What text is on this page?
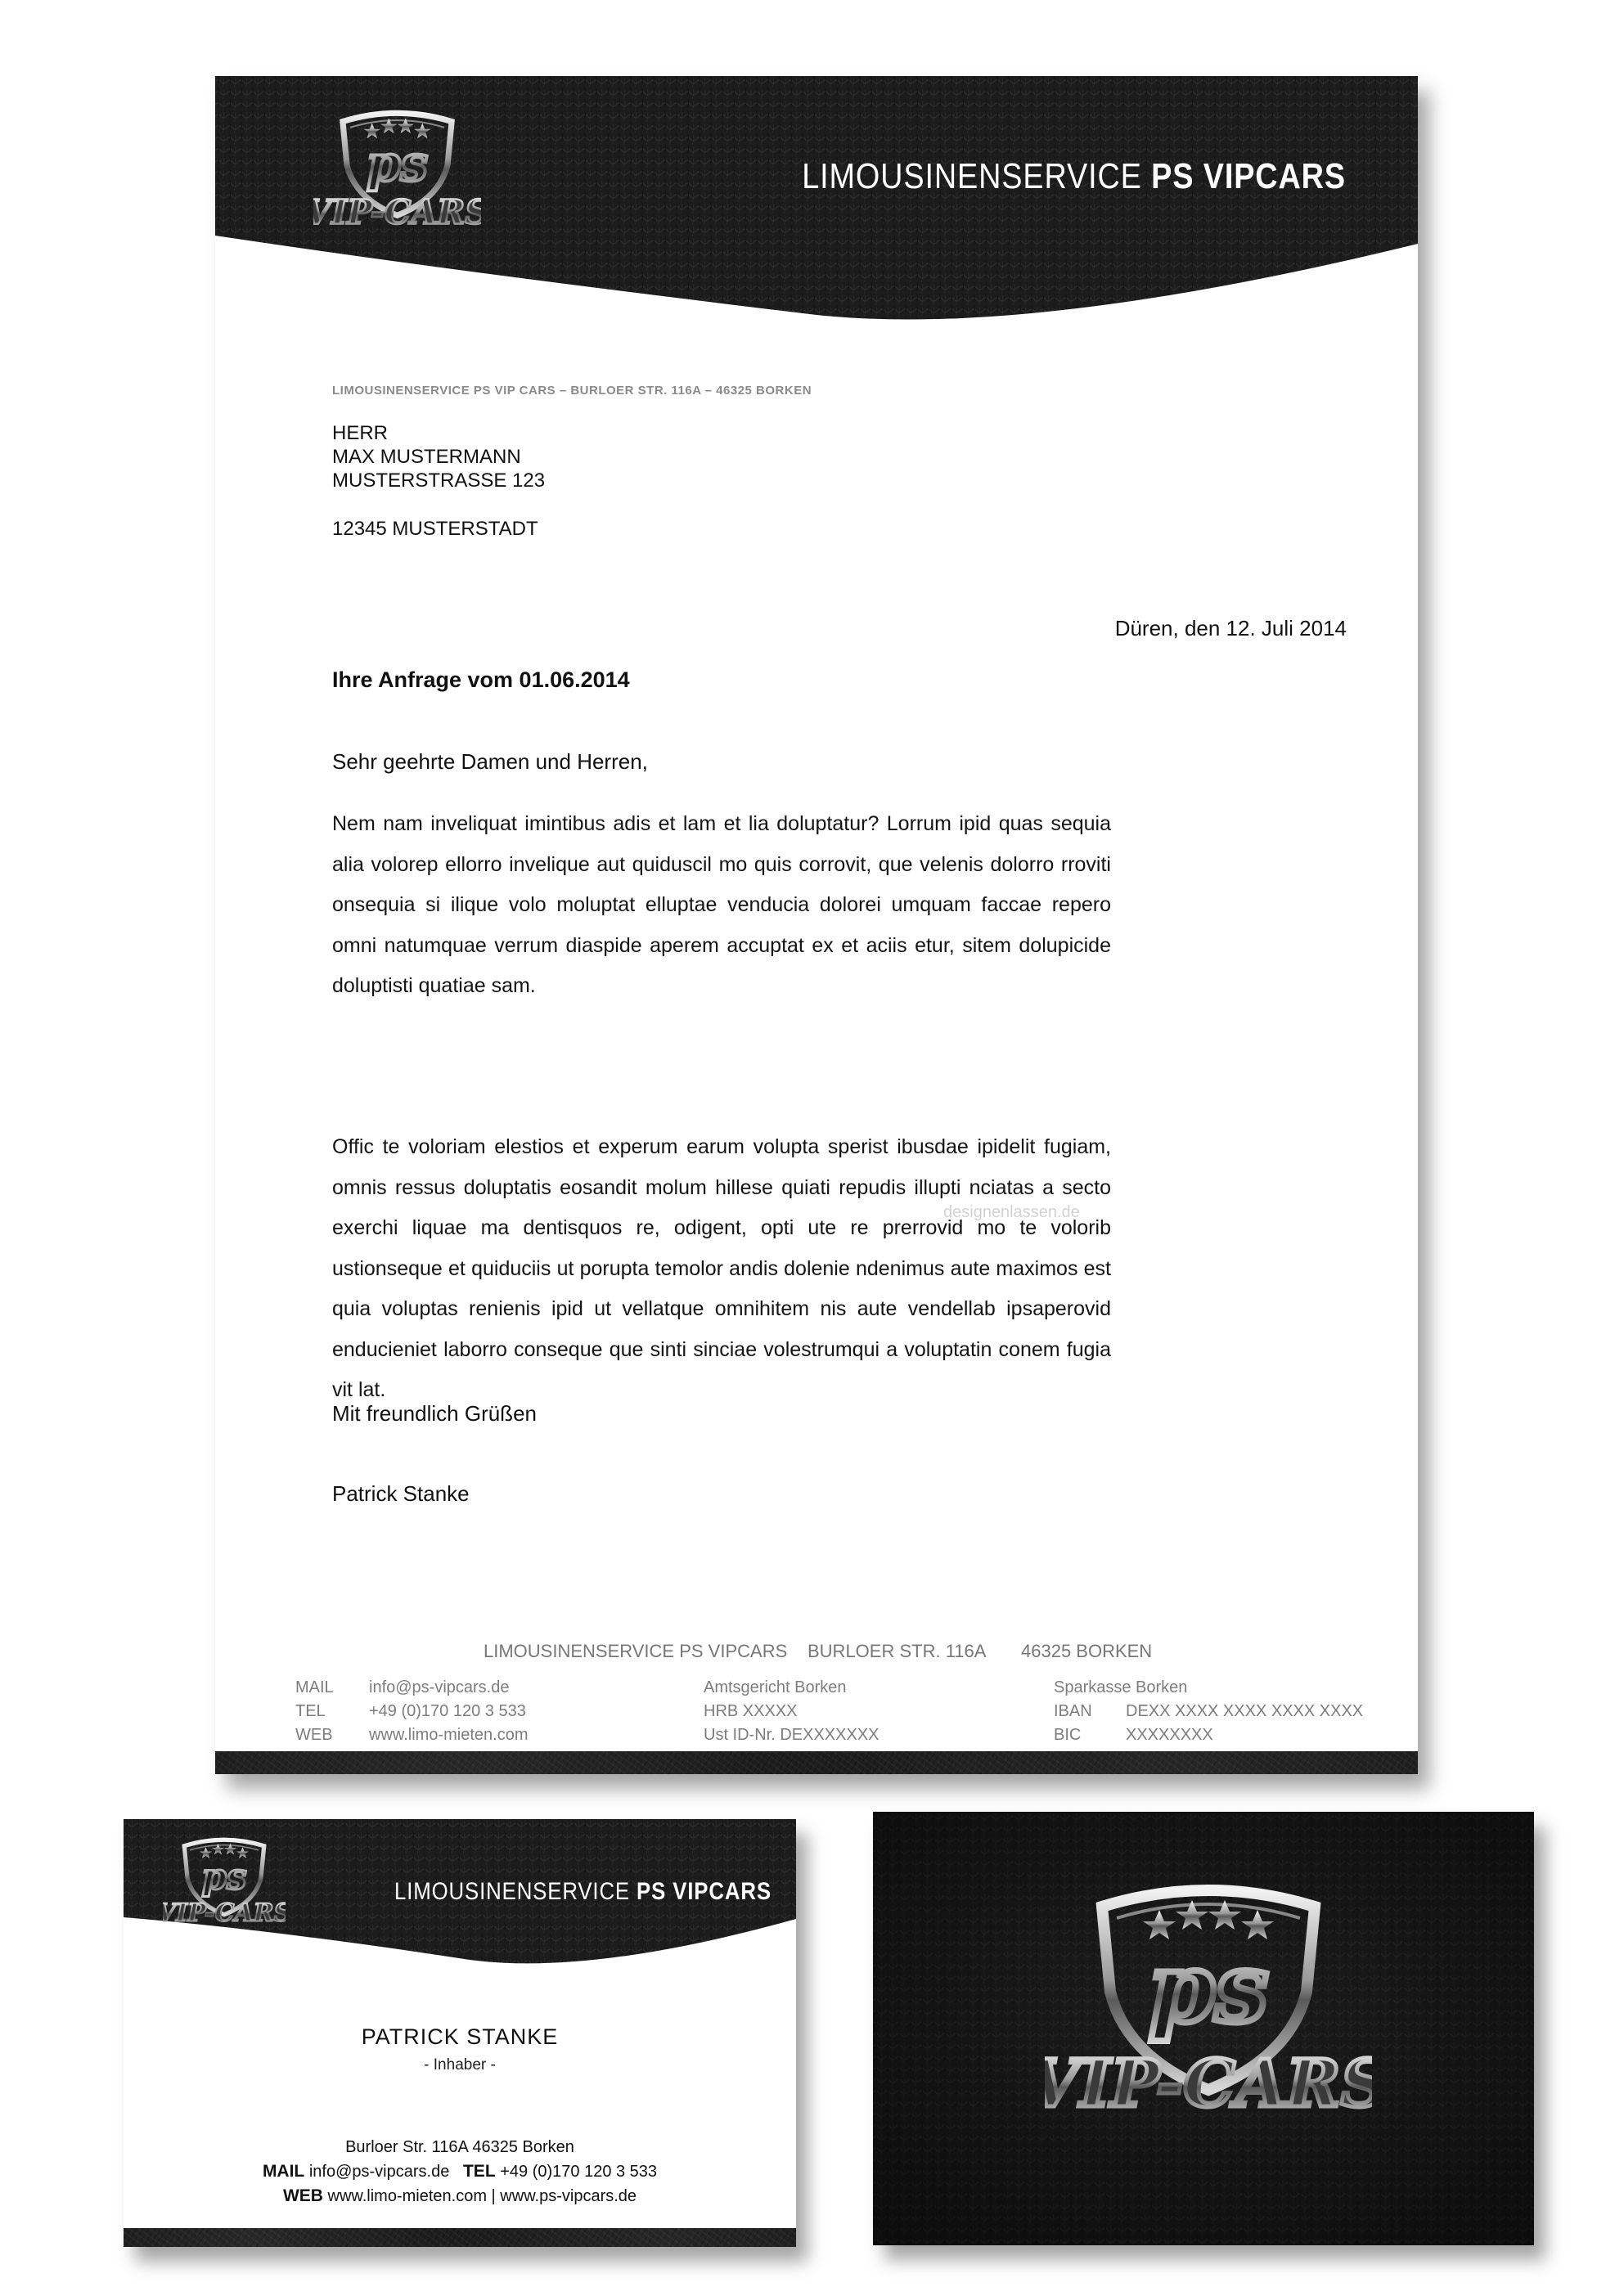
LIMOUSINENSERVICE PS VIPCARS
LIMOUSINENSERVICE PS VIP CARS – BURLOER STR. 116A – 46325 BORKEN
HERR
MAX MUSTERMANN
MUSTERSTRASSE 123
12345 MUSTERSTADT
Düren, den 12. Juli 2014
Ihre Anfrage vom 01.06.2014
Sehr geehrte Damen und Herren,
Nem nam inveliquat imintibus adis et lam et lia doluptatur? Lorrum ipid quas sequia alia volorep ellorro invelique aut quiduscil mo quis corrovit, que velenis dolorro rroviti onsequia si ilique volo moluptat elluptae venducia dolorei umquam faccae repero omni natumquae verrum diaspide aperem accuptat ex et aciis etur, sitem dolupicide doluptisti quatiae sam.
designenlassen.de
Offic te voloriam elestios et experum earum volupta sperist ibusdae ipidelit fugiam, omnis ressus doluptatis eosandit molum hillese quiati repudis illupti nciatas a secto exerchi liquae ma dentisquos re, odigent, opti ute re prerrovid mo te volorib ustionseque et quiduciis ut porupta temolor andis dolenie ndenimus aute maximos est quia voluptas renienis ipid ut vellatque omnihitem nis aute vendellab ipsaperovid enducieniet laborro conseque que sinti sinciae volestrumqui a voluptatin conem fugia vit lat.
Mit freundlich Grüßen
Patrick Stanke
LIMOUSINENSERVICE PS VIPCARS BURLOER STR. 116A 46325 BORKEN
MAIL info@ps-vipcars.de
TEL	+49 (0)170 120 3 533
WEB www.limo-mieten.com
Amtsgericht Borken
HRB XXXXX
Ust ID-Nr. DEXXXXXXX
Sparkasse Borken
IBAN DEXX XXXX XXXX XXXX XXXX
BIC	XXXXXXXX
LIMOUSINENSERVICE PS VIPCARS
PATRICK STANKE
- Inhaber -
Burloer Str. 116A 46325 Borken
MAIL info@ps-vipcars.de TEL +49 (0)170 120 3 533
WEB www.limo-mieten.com | www.ps-vipcars.de
